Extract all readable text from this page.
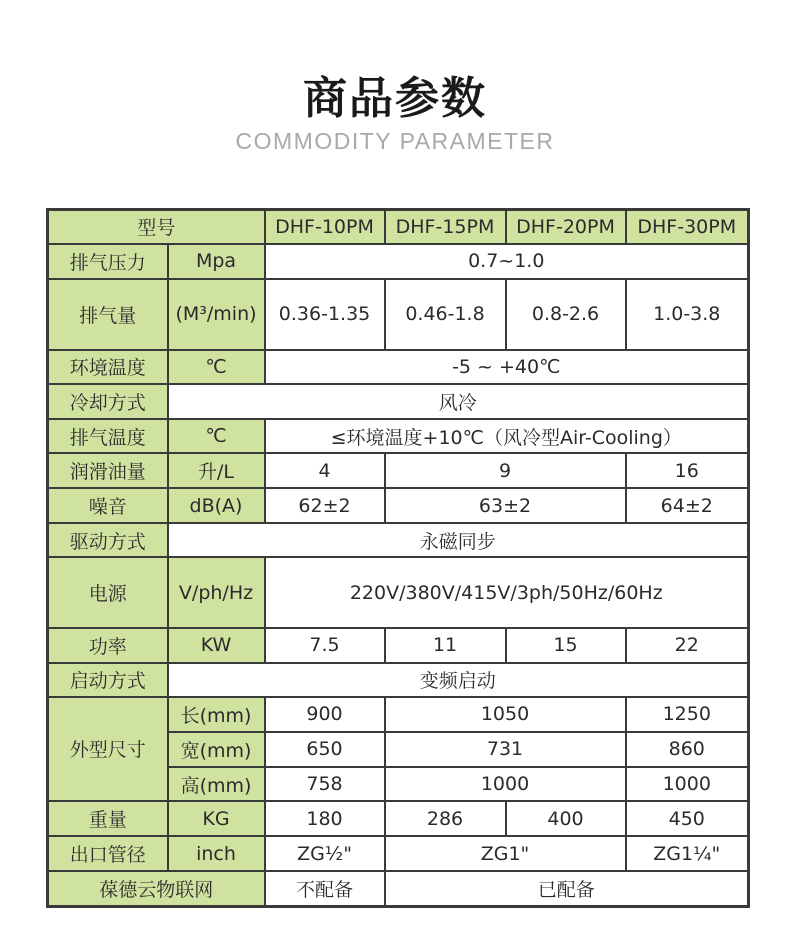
商品参数
COMMODITY PARAMETER
型号		DHF-10PM	DHF-15PM	DHF-20PM	DHF-30PM
排气压力	Mpa	0.7~1.0			
排气量	(M³/min)	0.36-1.35	0.46-1.8	0.8-2.6	1.0-3.8
环境温度	℃	-5 ~ +40℃			
冷却方式	风冷				
排气温度	℃	≤环境温度+10℃（风冷型Air-Cooling）			
润滑油量	升/L	4	9		16
噪音	dB(A)	62±2	63±2		64±2
驱动方式	永磁同步				
电源	V/ph/Hz	220V/380V/415V/3ph/50Hz/60Hz			
功率	KW	7.5	11	15	22
启动方式	变频启动				
外型尺寸	长(mm)	900	1050		1250
	宽(mm)	650	731		860
	高(mm)	758	1000		1000
重量	KG	180	286	400	450
出口管径	inch	ZG½"	ZG1"		ZG1¼"
葆德云物联网		不配备	已配备		
